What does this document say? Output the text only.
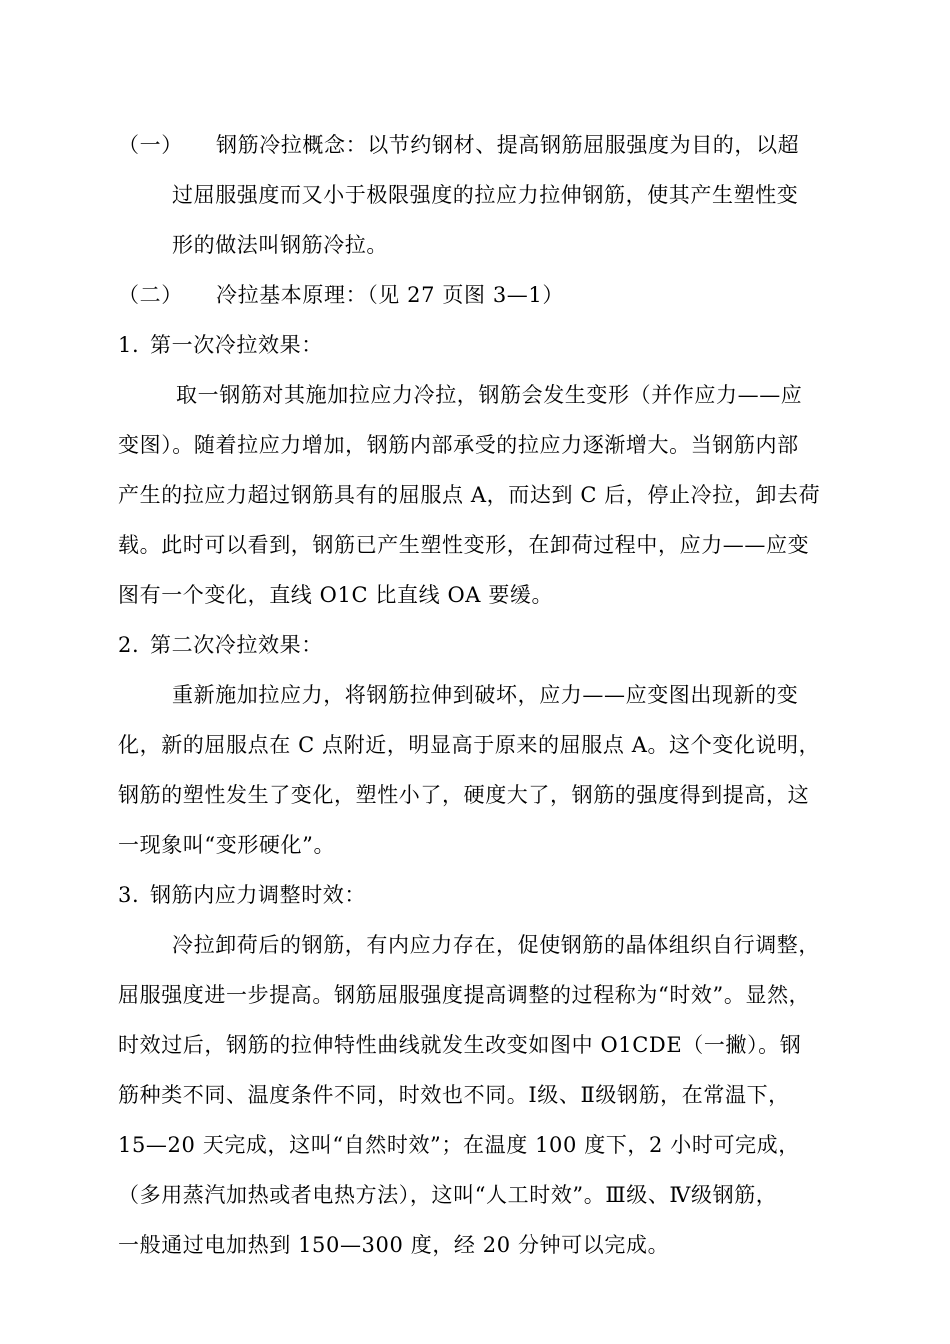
（一） 钢筋冷拉概念：以节约钢材、提高钢筋屈服强度为目的，以超
过屈服强度而又小于极限强度的拉应力拉伸钢筋，使其产生塑性变
形的做法叫钢筋冷拉。
（二） 冷拉基本原理：（见 27 页图 3—1）
1. 第一次冷拉效果：
取一钢筋对其施加拉应力冷拉，钢筋会发生变形（并作应力——应
变图）。随着拉应力增加，钢筋内部承受的拉应力逐渐增大。当钢筋内部
产生的拉应力超过钢筋具有的屈服点 A，而达到 C 后，停止冷拉，卸去荷
载。此时可以看到，钢筋已产生塑性变形，在卸荷过程中，应力——应变
图有一个变化，直线 O1C 比直线 OA 要缓。
2. 第二次冷拉效果：
重新施加拉应力，将钢筋拉伸到破坏，应力——应变图出现新的变
化，新的屈服点在 C 点附近，明显高于原来的屈服点 A。这个变化说明，
钢筋的塑性发生了变化，塑性小了，硬度大了，钢筋的强度得到提高，这
一现象叫“变形硬化”。
3. 钢筋内应力调整时效：
冷拉卸荷后的钢筋，有内应力存在，促使钢筋的晶体组织自行调整，
屈服强度进一步提高。钢筋屈服强度提高调整的过程称为“时效”。显然，
时效过后，钢筋的拉伸特性曲线就发生改变如图中 O1CDE（一撇）。钢
筋种类不同、温度条件不同，时效也不同。Ⅰ级、Ⅱ级钢筋，在常温下，
15—20 天完成，这叫“自然时效”；在温度 100 度下，2 小时可完成，
（多用蒸汽加热或者电热方法），这叫“人工时效”。Ⅲ级、Ⅳ级钢筋，
一般通过电加热到 150—300 度，经 20 分钟可以完成。
